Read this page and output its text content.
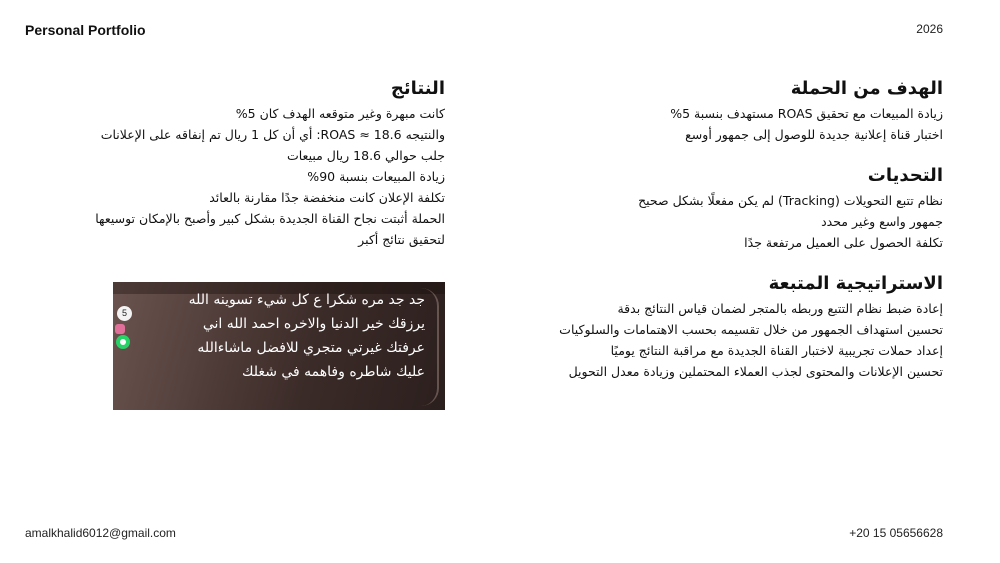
Personal Portfolio	2026
الهدف من الحملة
زيادة المبيعات مع تحقيق ROAS مستهدف بنسبة 5%
اختبار قناة إعلانية جديدة للوصول إلى جمهور أوسع
التحديات
نظام تتبع التحويلات (Tracking) لم يكن مفعلًا بشكل صحيح
جمهور واسع وغير محدد
تكلفة الحصول على العميل مرتفعة جدًا
الاستراتيجية المتبعة
إعادة ضبط نظام التتبع وربطه بالمتجر لضمان قياس النتائج بدقة
تحسين استهداف الجمهور من خلال تقسيمه بحسب الاهتمامات والسلوكيات
إعداد حملات تجريبية لاختبار القناة الجديدة مع مراقبة النتائج يوميًا
تحسين الإعلانات والمحتوى لجذب العملاء المحتملين وزيادة معدل التحويل
النتائج
كانت مبهرة وغير متوقعه الهدف كان 5%
والنتيجه 18.6 ≈ ROAS: أي أن كل 1 ريال تم إنفاقه على الإعلانات جلب حوالي 18.6 ريال مبيعات
زيادة المبيعات بنسبة 90%
تكلفة الإعلان كانت منخفضة جدًا مقارنة بالعائد
الحملة أثبتت نجاح القناة الجديدة بشكل كبير وأصبح بالإمكان توسيعها لتحقيق نتائج أكبر
5
جد جد مره شكرا ع كل شيء تسوينه الله
يرزقك خير الدنيا والاخره احمد الله اني
عرفتك غيرتي متجري للافضل ماشاءالله
عليك شاطره وفاهمه في شغلك
amalkhalid6012@gmail.com	+20 15 05656628
